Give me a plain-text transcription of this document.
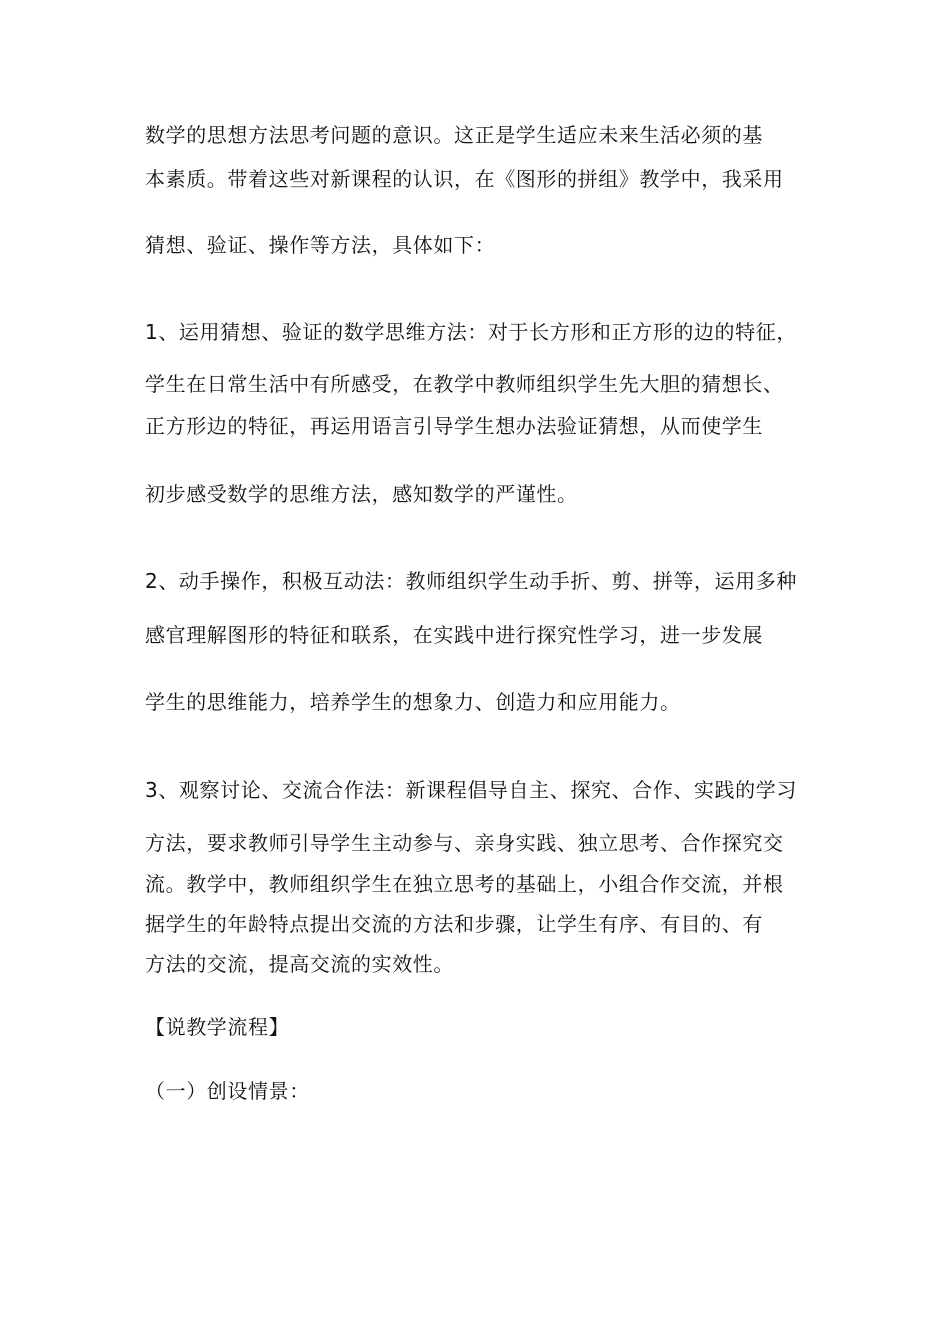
数学的思想方法思考问题的意识。这正是学生适应未来生活必须的基
本素质。带着这些对新课程的认识，在《图形的拼组》教学中，我采用
猜想、验证、操作等方法，具体如下：
1、运用猜想、验证的数学思维方法：对于长方形和正方形的边的特征，
学生在日常生活中有所感受，在教学中教师组织学生先大胆的猜想长、
正方形边的特征，再运用语言引导学生想办法验证猜想，从而使学生
初步感受数学的思维方法，感知数学的严谨性。
2、动手操作，积极互动法：教师组织学生动手折、剪、拼等，运用多种
感官理解图形的特征和联系，在实践中进行探究性学习，进一步发展
学生的思维能力，培养学生的想象力、创造力和应用能力。
3、观察讨论、交流合作法：新课程倡导自主、探究、合作、实践的学习
方法，要求教师引导学生主动参与、亲身实践、独立思考、合作探究交
流。教学中，教师组织学生在独立思考的基础上，小组合作交流，并根
据学生的年龄特点提出交流的方法和步骤，让学生有序、有目的、有
方法的交流，提高交流的实效性。
【说教学流程】
（一）创设情景：
